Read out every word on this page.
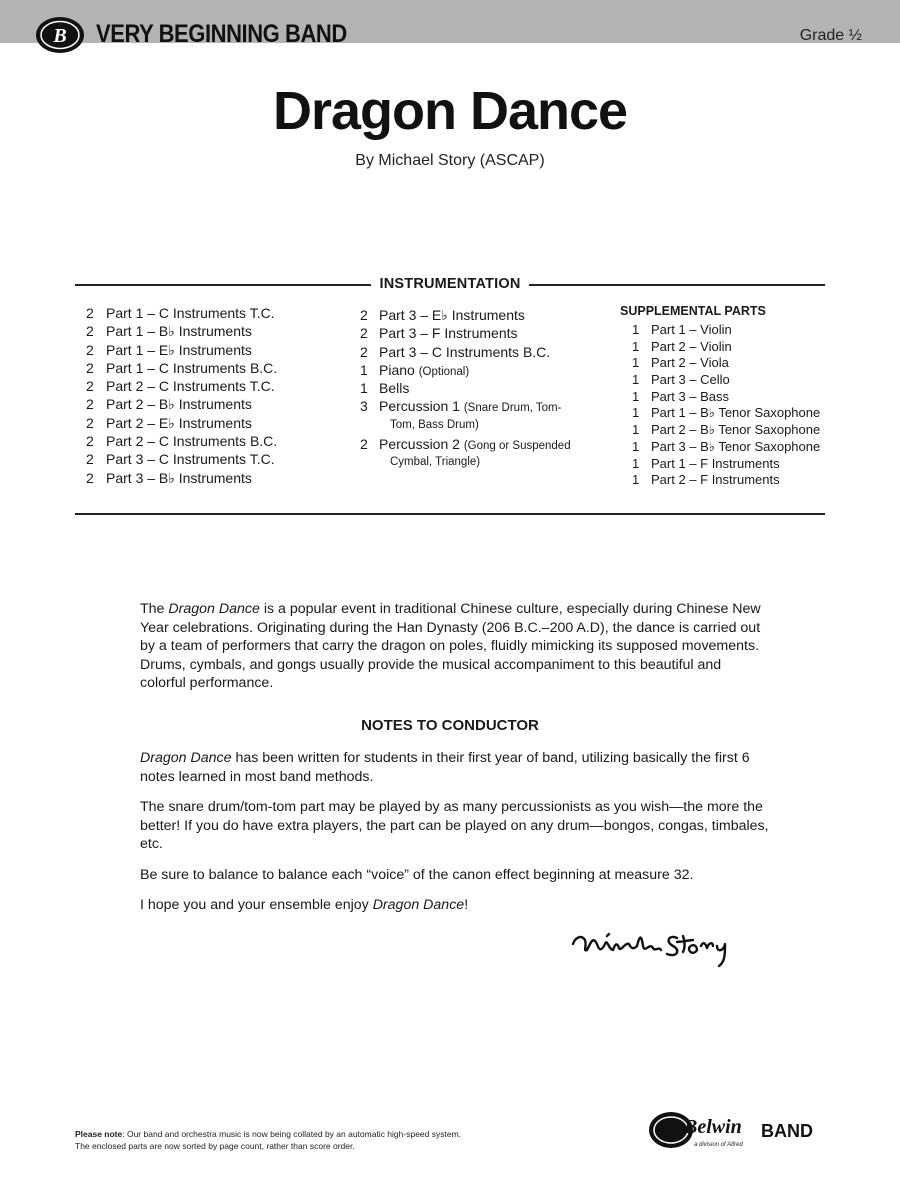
B VERY BEGINNING BAND	Grade ½
Dragon Dance
By Michael Story (ASCAP)
INSTRUMENTATION
2 Part 1 – C Instruments T.C.
2 Part 1 – B♭ Instruments
2 Part 1 – E♭ Instruments
2 Part 1 – C Instruments B.C.
2 Part 2 – C Instruments T.C.
2 Part 2 – B♭ Instruments
2 Part 2 – E♭ Instruments
2 Part 2 – C Instruments B.C.
2 Part 3 – C Instruments T.C.
2 Part 3 – B♭ Instruments
2 Part 3 – E♭ Instruments
2 Part 3 – F Instruments
2 Part 3 – C Instruments B.C.
1 Piano (Optional)
1 Bells
3 Percussion 1 (Snare Drum, Tom-
Tom, Bass Drum)
2 Percussion 2 (Gong or Suspended
Cymbal, Triangle)
SUPPLEMENTAL PARTS
1 Part 1 – Violin
1 Part 2 – Violin
1 Part 2 – Viola
1 Part 3 – Cello
1 Part 3 – Bass
1 Part 1 – B♭ Tenor Saxophone
1 Part 2 – B♭ Tenor Saxophone
1 Part 3 – B♭ Tenor Saxophone
1 Part 1 – F Instruments
1 Part 2 – F Instruments

The Dragon Dance is a popular event in traditional Chinese culture, especially during Chinese New Year celebrations. Originating during the Han Dynasty (206 B.C.–200 A.D), the dance is carried out by a team of performers that carry the dragon on poles, fluidly mimicking its supposed movements. Drums, cymbals, and gongs usually provide the musical accompaniment to this beautiful and colorful performance.

NOTES TO CONDUCTOR

Dragon Dance has been written for students in their first year of band, utilizing basically the first 6 notes learned in most band methods.

The snare drum/tom-tom part may be played by as many percussionists as you wish—the more the better! If you do have extra players, the part can be played on any drum—bongos, congas, timbales, etc.

Be sure to balance to balance each “voice” of the canon effect beginning at measure 32.

I hope you and your ensemble enjoy Dragon Dance!

Please note: Our band and orchestra music is now being collated by an automatic high-speed system.
The enclosed parts are now sorted by page count, rather than score order.
Belwin BAND
a division of Alfred
